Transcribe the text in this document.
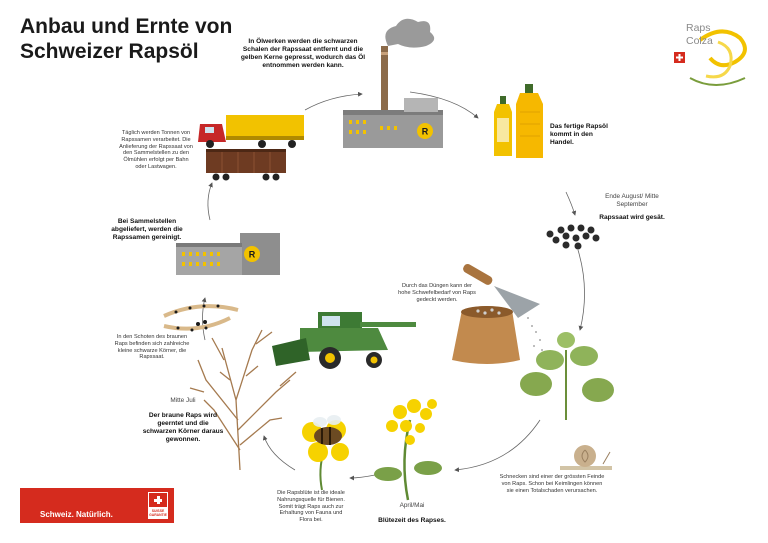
R
R
Anbau und Ernte von
Schweizer Rapsöl
Raps
Colza
In Ölwerken werden die schwarzen Schalen der Rapssaat entfernt und die gelben Kerne gepresst, wodurch das Öl entnommen werden kann.
Das fertige Rapsöl kommt in den Handel.
Ende August/ Mitte September
Rapssaat wird gesät.
Durch das Düngen kann der hohe Schwefelbedarf von Raps gedeckt werden.
Schnecken sind einer der grössten Feinde von Raps. Schon bei Keimlingen können sie einen Totalschaden verursachen.
April/Mai
Blütezeit des Rapses.
Die Rapsblüte ist die ideale Nahrungsquelle für Bienen. Somit trägt Raps auch zur Erhaltung von Fauna und Flora bei.
Mitte Juli
Der braune Raps wird geerntet und die schwarzen Körner daraus gewonnen.
In den Schoten des braunen Raps befinden sich zahlreiche kleine schwarze Körner, die Rapssaat.
Bei Sammelstellen abgeliefert, werden die Rapssamen gereinigt.
Täglich werden Tonnen von Rapssamen verarbeitet. Die Anlieferung der Rapssaat von den Sammelstellen zu den Ölmühlen erfolgt per Bahn oder Lastwagen.
Schweiz. Natürlich.	SUISSE GARANTIE
